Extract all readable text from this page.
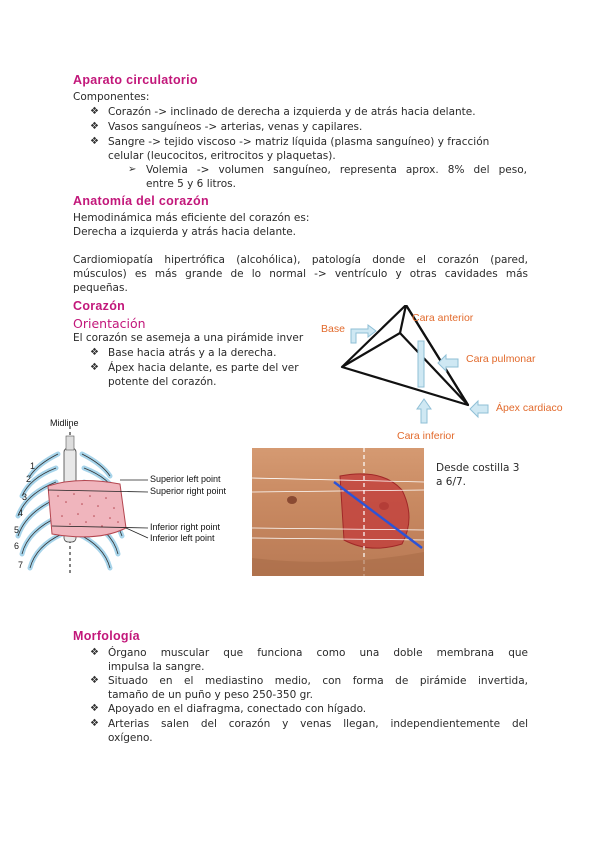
Aparato circulatorio
Componentes:
❖ Corazón -> inclinado de derecha a izquierda y de atrás hacia delante.
❖ Vasos sanguíneos -> arterias, venas y capilares.
❖ Sangre -> tejido viscoso -> matriz líquida (plasma sanguíneo) y fracción
celular (leucocitos, eritrocitos y plaquetas).
➢ Volemia -> volumen sanguíneo, representa aprox. 8% del peso,
entre 5 y 6 litros.
Anatomía del corazón
Hemodinámica más eficiente del corazón es:
Derecha a izquierda y atrás hacia delante.
Cardiomiopatía hipertrófica (alcohólica), patología donde el corazón (pared,
músculos) es más grande de lo normal -> ventrículo y otras cavidades más
pequeñas.
Corazón
Orientación
El corazón se asemeja a una pirámide inver
❖ Base hacia atrás y a la derecha.
❖ Ápex hacia delante, es parte del ver
potente del corazón.
Base
Cara anterior
Cara pulmonar
Ápex cardiaco
Cara inferior
1
2
3
4
5
6
7
Midline
Superior left point
Superior right point
Inferior right point
Inferior left point
Desde costilla 3
a 6/7.
Morfología
❖ Órgano muscular que funciona como una doble membrana que
impulsa la sangre.
❖ Situado en el mediastino medio, con forma de pirámide invertida,
tamaño de un puño y peso 250-350 gr.
❖ Apoyado en el diafragma, conectado con hígado.
❖ Arterias salen del corazón y venas llegan, independientemente del
oxígeno.
